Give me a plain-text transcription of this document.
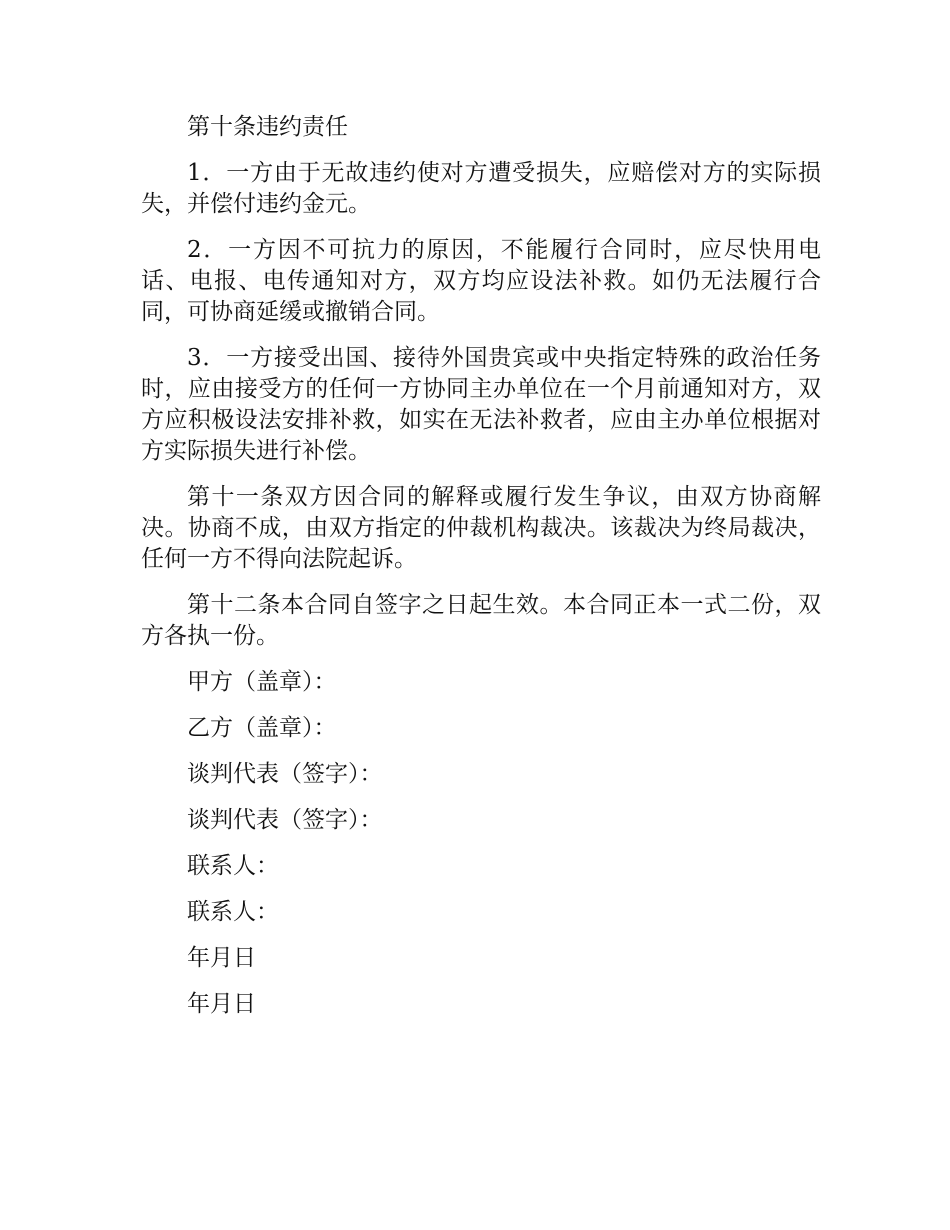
第十条违约责任

1．一方由于无故违约使对方遭受损失，应赔偿对方的实际损失，并偿付违约金元。

2．一方因不可抗力的原因，不能履行合同时，应尽快用电话、电报、电传通知对方，双方均应设法补救。如仍无法履行合同，可协商延缓或撤销合同。

3．一方接受出国、接待外国贵宾或中央指定特殊的政治任务时，应由接受方的任何一方协同主办单位在一个月前通知对方，双方应积极设法安排补救，如实在无法补救者，应由主办单位根据对方实际损失进行补偿。

第十一条双方因合同的解释或履行发生争议，由双方协商解决。协商不成，由双方指定的仲裁机构裁决。该裁决为终局裁决，任何一方不得向法院起诉。

第十二条本合同自签字之日起生效。本合同正本一式二份，双方各执一份。

甲方（盖章）：

乙方（盖章）：

谈判代表（签字）：

谈判代表（签字）：

联系人：

联系人：

年月日

年月日
